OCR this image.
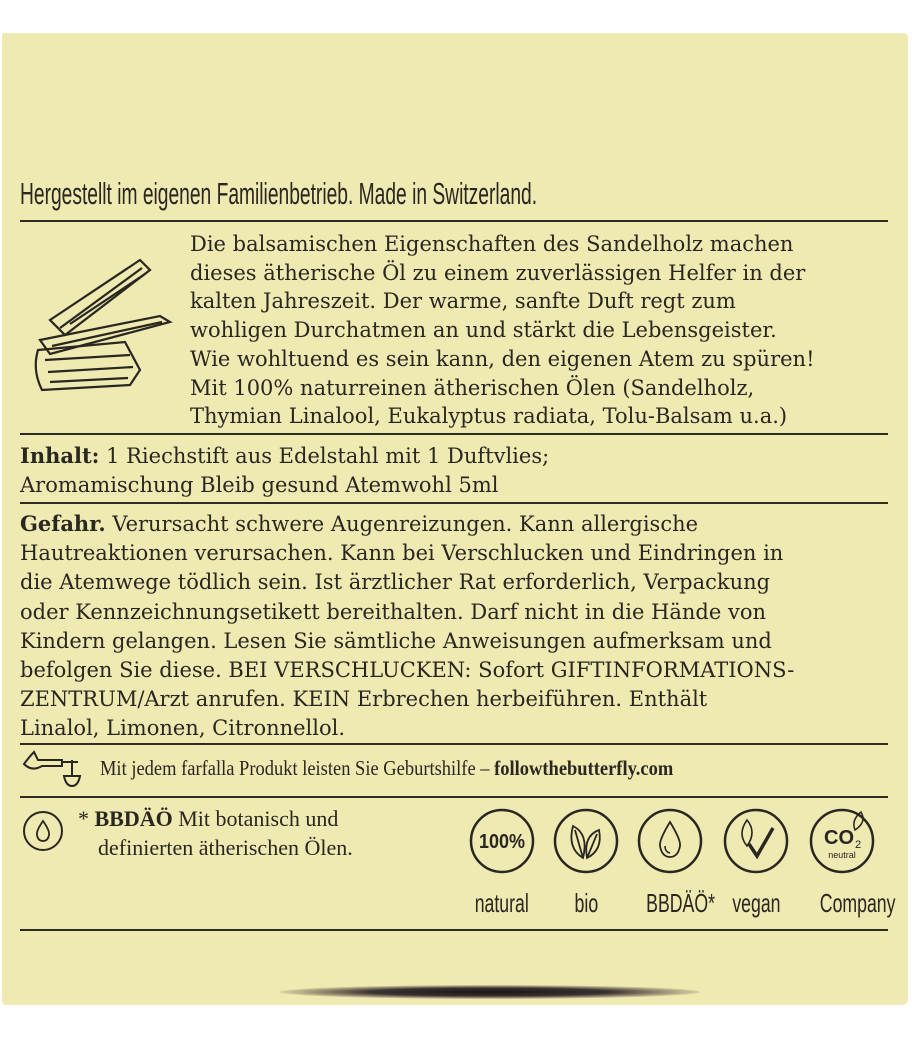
Hergestellt im eigenen Familienbetrieb. Made in Switzerland.
Die balsamischen Eigenschaften des Sandelholz machen
dieses ätherische Öl zu einem zuverlässigen Helfer in der
kalten Jahreszeit. Der warme, sanfte Duft regt zum
wohligen Durchatmen an und stärkt die Lebensgeister.
Wie wohltuend es sein kann, den eigenen Atem zu spüren!
Mit 100% naturreinen ätherischen Ölen (Sandelholz,
Thymian Linalool, Eukalyptus radiata, Tolu-Balsam u.a.)
Inhalt: 1 Riechstift aus Edelstahl mit 1 Duftvlies;
Aromamischung Bleib gesund Atemwohl 5ml
Gefahr. Verursacht schwere Augenreizungen. Kann allergische
Hautreaktionen verursachen. Kann bei Verschlucken und Eindringen in
die Atemwege tödlich sein. Ist ärztlicher Rat erforderlich, Verpackung
oder Kennzeichnungsetikett bereithalten. Darf nicht in die Hände von
Kindern gelangen. Lesen Sie sämtliche Anweisungen aufmerksam und
befolgen Sie diese. BEI VERSCHLUCKEN: Sofort GIFTINFORMATIONS-
ZENTRUM/Arzt anrufen. KEIN Erbrechen herbeiführen. Enthält
Linalol, Limonen, Citronnellol.
Mit jedem farfalla Produkt leisten Sie Geburtshilfe – followthebutterfly.com
* BBDÄÖ Mit botanisch und
definierten ätherischen Ölen.	100%
natural	bio	BBDÄÖ* vegan
CO 2
neutral
Company
